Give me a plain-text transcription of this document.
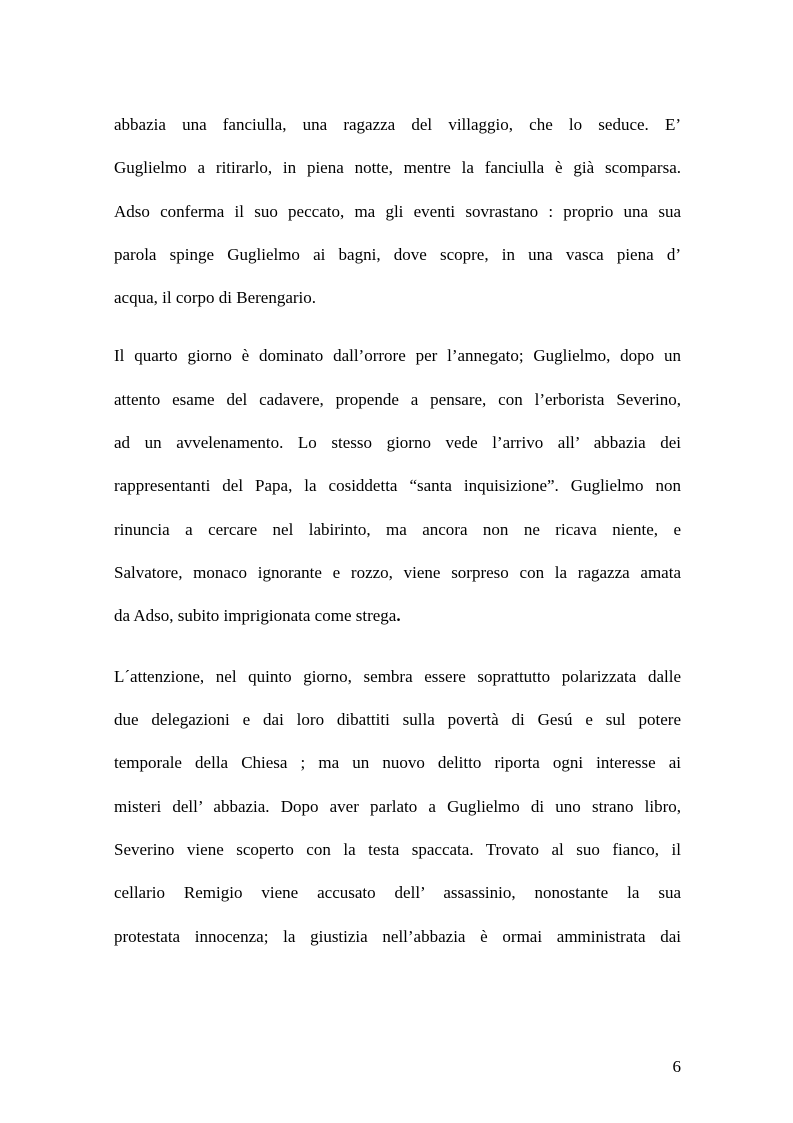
abbazia una fanciulla, una ragazza del villaggio, che lo seduce. E’
Guglielmo a ritirarlo, in piena notte, mentre la fanciulla è già scomparsa.
Adso conferma il suo peccato, ma gli eventi sovrastano : proprio una sua
parola spinge Guglielmo ai bagni, dove scopre, in una vasca piena d’
acqua, il corpo di Berengario.
Il quarto giorno è dominato dall’orrore per l’annegato; Guglielmo, dopo un
attento esame del cadavere, propende a pensare, con l’erborista Severino,
ad un avvelenamento. Lo stesso giorno vede l’arrivo all’ abbazia dei
rappresentanti del Papa, la cosiddetta “santa inquisizione”. Guglielmo non
rinuncia a cercare nel labirinto, ma ancora non ne ricava niente, e
Salvatore, monaco ignorante e rozzo, viene sorpreso con la ragazza amata
da Adso, subito imprigionata come strega.
L´attenzione, nel quinto giorno, sembra essere soprattutto polarizzata dalle
due delegazioni e dai loro dibattiti sulla povertà di Gesú e sul potere
temporale della Chiesa ; ma un nuovo delitto riporta ogni interesse ai
misteri dell’ abbazia. Dopo aver parlato a Guglielmo di uno strano libro,
Severino viene scoperto con la testa spaccata. Trovato al suo fianco, il
cellario Remigio viene accusato dell’ assassinio, nonostante la sua
protestata innocenza; la giustizia nell’abbazia è ormai amministrata dai
6
